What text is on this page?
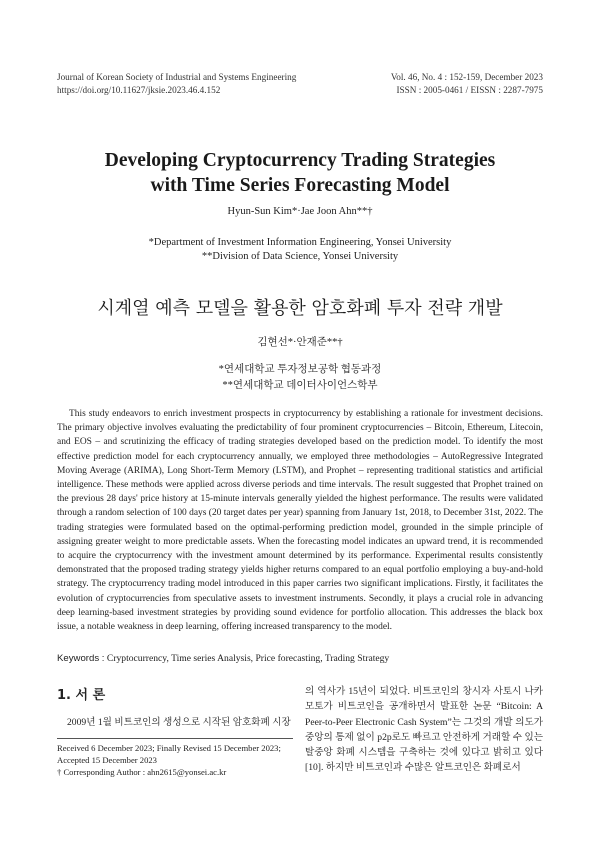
Journal of Korean Society of Industrial and Systems Engineering
https://doi.org/10.11627/jksie.2023.46.4.152
Vol. 46, No. 4 : 152-159, December 2023
ISSN : 2005-0461 / EISSN : 2287-7975
Developing Cryptocurrency Trading Strategies
with Time Series Forecasting Model
Hyun-Sun Kim*·Jae Joon Ahn**†
*Department of Investment Information Engineering, Yonsei University
**Division of Data Science, Yonsei University
시계열 예측 모델을 활용한 암호화폐 투자 전략 개발
김현선*·안재준**†
*연세대학교 투자정보공학 협동과정
**연세대학교 데이터사이언스학부

This study endeavors to enrich investment prospects in cryptocurrency by establishing a rationale for investment decisions. The primary objective involves evaluating the predictability of four prominent cryptocurrencies – Bitcoin, Ethereum, Litecoin, and EOS – and scrutinizing the efficacy of trading strategies developed based on the prediction model. To identify the most effective prediction model for each cryptocurrency annually, we employed three methodologies – AutoRegressive Integrated Moving Average (ARIMA), Long Short-Term Memory (LSTM), and Prophet – representing traditional statistics and artificial intelligence. These methods were applied across diverse periods and time intervals. The result suggested that Prophet trained on the previous 28 days' price history at 15-minute intervals generally yielded the highest performance. The results were validated through a random selection of 100 days (20 target dates per year) spanning from January 1st, 2018, to December 31st, 2022. The trading strategies were formulated based on the optimal-performing prediction model, grounded in the simple principle of assigning greater weight to more predictable assets. When the forecasting model indicates an upward trend, it is recommended to acquire the cryptocurrency with the investment amount determined by its performance. Experimental results consistently demonstrated that the proposed trading strategy yields higher returns compared to an equal portfolio employing a buy-and-hold strategy. The cryptocurrency trading model introduced in this paper carries two significant implications. Firstly, it facilitates the evolution of cryptocurrencies from speculative assets to investment instruments. Secondly, it plays a crucial role in advancing deep learning-based investment strategies by providing sound evidence for portfolio allocation. This addresses the black box issue, a notable weakness in deep learning, offering increased transparency to the model.

Keywords : Cryptocurrency, Time series Analysis, Price forecasting, Trading Strategy
1. 서 론
2009년 1월 비트코인의 생성으로 시작된 암호화폐 시장
Received 6 December 2023; Finally Revised 15 December 2023;
Accepted 15 December 2023
† Corresponding Author : ahn2615@yonsei.ac.kr
의 역사가 15년이 되었다. 비트코인의 창시자 사토시 나카모토가 비트코인을 공개하면서 발표한 논문 “Bitcoin: A Peer-to-Peer Electronic Cash System”는 그것의 개발 의도가 중앙의 통제 없이 p2p로도 빠르고 안전하게 거래할 수 있는 탈중앙 화폐 시스템을 구축하는 것에 있다고 밝히고 있다[10]. 하지만 비트코인과 수많은 알트코인은 화폐로서
